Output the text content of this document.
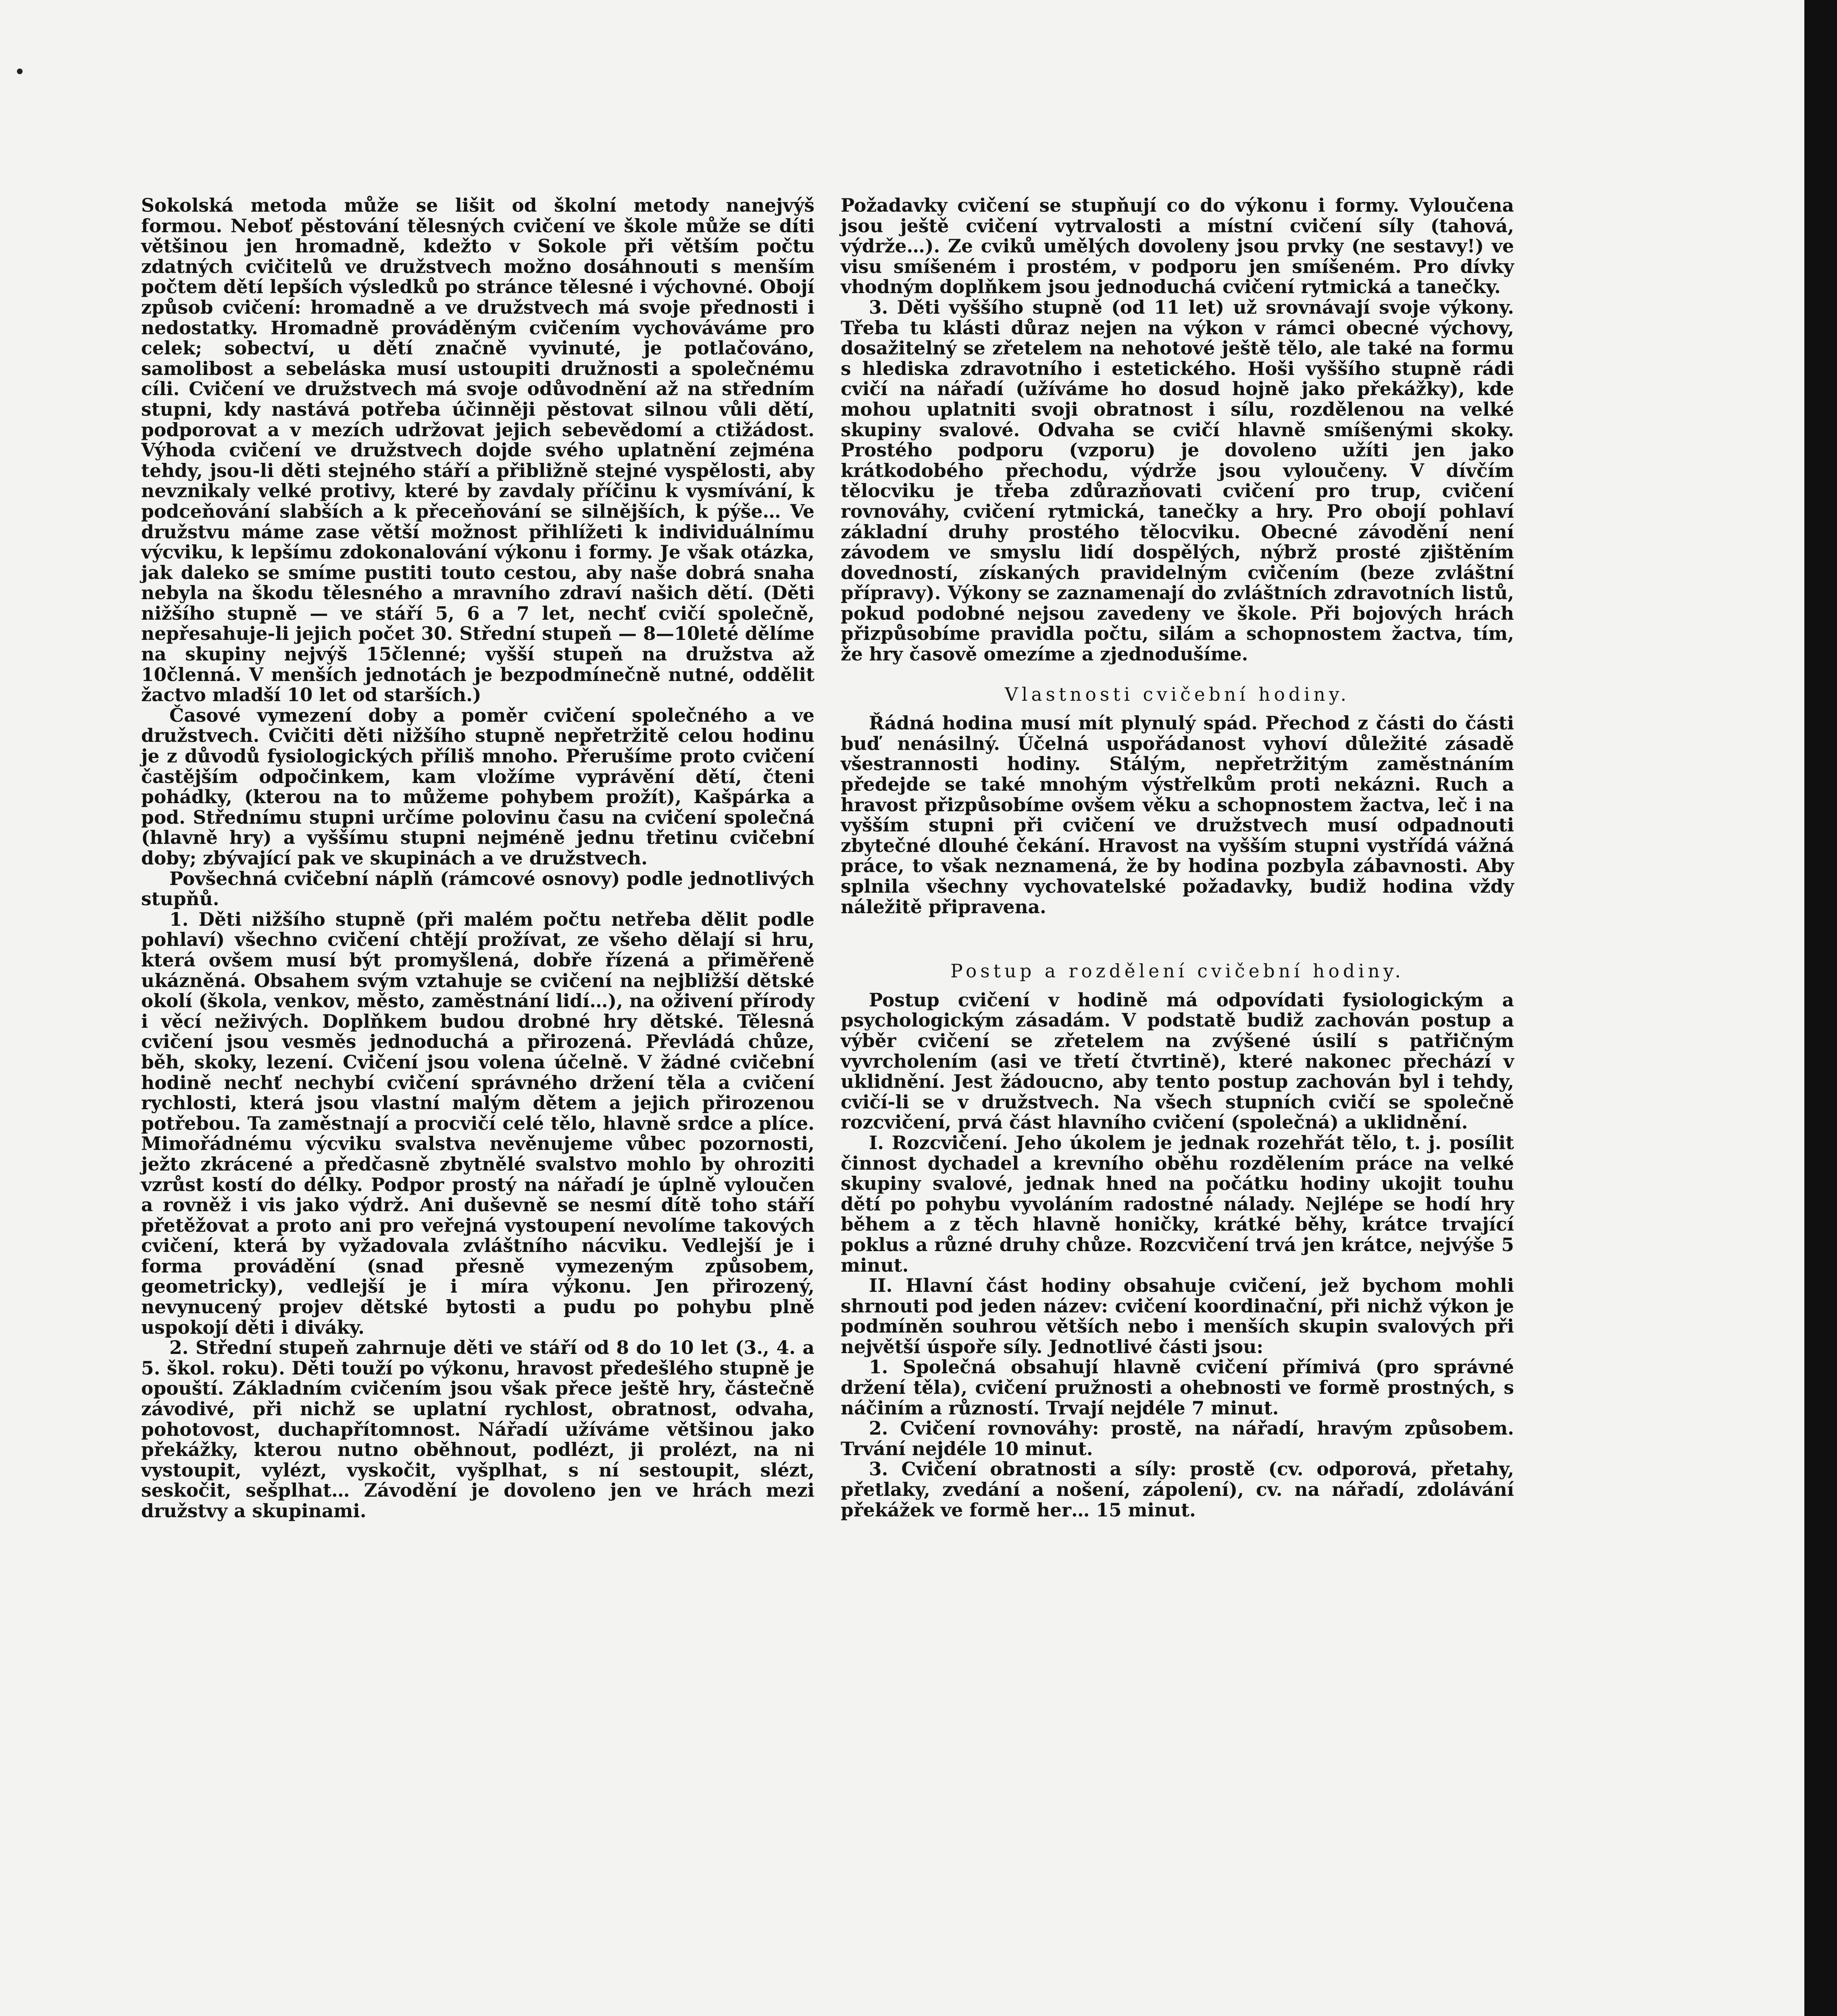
Sokolská metoda může se lišit od školní metody nanejvýš formou. Neboť pěstování tělesných cvičení ve škole může se díti většinou jen hromadně, kdežto v Sokole při větším počtu zdatných cvičitelů ve družstvech možno dosáhnouti s menším počtem dětí lepších výsledků po stránce tělesné i výchovné. Obojí způsob cvičení: hromadně a ve družstvech má svoje přednosti i nedostatky. Hromadně prováděným cvičením vychováváme pro celek; sobectví, u dětí značně vyvinuté, je potlačováno, samolibost a sebeláska musí ustoupiti družnosti a společnému cíli. Cvičení ve družstvech má svoje odůvodnění až na středním stupni, kdy nastává potřeba účinněji pěstovat silnou vůli dětí, podporovat a v mezích udržovat jejich sebevědomí a ctižádost. Výhoda cvičení ve družstvech dojde svého uplatnění zejména tehdy, jsou-li děti stejného stáří a přibližně stejné vyspělosti, aby nevznikaly velké protivy, které by zavdaly příčinu k vysmívání, k podceňování slabších a k přeceňování se silnějších, k pýše… Ve družstvu máme zase větší možnost přihlížeti k individuálnímu výcviku, k lepšímu zdokonalování výkonu i formy. Je však otázka, jak daleko se smíme pustiti touto cestou, aby naše dobrá snaha nebyla na škodu tělesného a mravního zdraví našich dětí. (Děti nižšího stupně — ve stáří 5, 6 a 7 let, nechť cvičí společně, nepřesahuje-li jejich počet 30. Střední stupeň — 8—10leté dělíme na skupiny nejvýš 15členné; vyšší stupeň na družstva až 10členná. V menších jednotách je bezpodmínečně nutné, oddělit žactvo mladší 10 let od starších.)

Časové vymezení doby a poměr cvičení společného a ve družstvech. Cvičiti děti nižšího stupně nepřetržitě celou hodinu je z důvodů fysiologických příliš mnoho. Přerušíme proto cvičení častějším odpočinkem, kam vložíme vyprávění dětí, čteni pohádky, (kterou na to můžeme pohybem prožít), Kašpárka a pod. Střednímu stupni určíme polovinu času na cvičení společná (hlavně hry) a vyššímu stupni nejméně jednu třetinu cvičební doby; zbývající pak ve skupinách a ve družstvech.

Povšechná cvičební náplň (rámcové osnovy) podle jednotlivých stupňů.

1. Děti nižšího stupně (při malém počtu netřeba dělit podle pohlaví) všechno cvičení chtějí prožívat, ze všeho dělají si hru, která ovšem musí být promyšlená, dobře řízená a přiměřeně ukázněná. Obsahem svým vztahuje se cvičení na nejbližší dětské okolí (škola, venkov, město, zaměstnání lidí…), na oživení přírody i věcí neživých. Doplňkem budou drobné hry dětské. Tělesná cvičení jsou vesměs jednoduchá a přirozená. Převládá chůze, běh, skoky, lezení. Cvičení jsou volena účelně. V žádné cvičební hodině nechť nechybí cvičení správného držení těla a cvičení rychlosti, která jsou vlastní malým dětem a jejich přirozenou potřebou. Ta zaměstnají a procvičí celé tělo, hlavně srdce a plíce. Mimořádnému výcviku svalstva nevěnujeme vůbec pozornosti, ježto zkrácené a předčasně zbytnělé svalstvo mohlo by ohroziti vzrůst kostí do délky. Podpor prostý na nářadí je úplně vyloučen a rovněž i vis jako výdrž. Ani duševně se nesmí dítě toho stáří přetěžovat a proto ani pro veřejná vystoupení nevolíme takových cvičení, která by vyžadovala zvláštního nácviku. Vedlejší je i forma provádění (snad přesně vymezeným způsobem, geometricky), vedlejší je i míra výkonu. Jen přirozený, nevynucený projev dětské bytosti a pudu po pohybu plně uspokojí děti i diváky.

2. Střední stupeň zahrnuje děti ve stáří od 8 do 10 let (3., 4. a 5. škol. roku). Děti touží po výkonu, hravost předešlého stupně je opouští. Základním cvičením jsou však přece ještě hry, částečně závodivé, při nichž se uplatní rychlost, obratnost, odvaha, pohotovost, duchapřítomnost. Nářadí užíváme většinou jako překážky, kterou nutno oběhnout, podlézt, ji prolézt, na ni vystoupit, vylézt, vyskočit, vyšplhat, s ní sestoupit, slézt, seskočit, sešplhat… Závodění je dovoleno jen ve hrách mezi družstvy a skupinami.

Požadavky cvičení se stupňují co do výkonu i formy. Vyloučena jsou ještě cvičení vytrvalosti a místní cvičení síly (tahová, výdrže…). Ze cviků umělých dovoleny jsou prvky (ne sestavy!) ve visu smíšeném i prostém, v podporu jen smíšeném. Pro dívky vhodným doplňkem jsou jednoduchá cvičení rytmická a tanečky.

3. Děti vyššího stupně (od 11 let) už srovnávají svoje výkony. Třeba tu klásti důraz nejen na výkon v rámci obecné výchovy, dosažitelný se zřetelem na nehotové ještě tělo, ale také na formu s hlediska zdravotního i estetického. Hoši vyššího stupně rádi cvičí na nářadí (užíváme ho dosud hojně jako překážky), kde mohou uplatniti svoji obratnost i sílu, rozdělenou na velké skupiny svalové. Odvaha se cvičí hlavně smíšenými skoky. Prostého podporu (vzporu) je dovoleno užíti jen jako krátkodobého přechodu, výdrže jsou vyloučeny. V dívčím tělocviku je třeba zdůrazňovati cvičení pro trup, cvičení rovnováhy, cvičení rytmická, tanečky a hry. Pro obojí pohlaví základní druhy prostého tělocviku. Obecné závodění není závodem ve smyslu lidí dospělých, nýbrž prosté zjištěním dovedností, získaných pravidelným cvičením (beze zvláštní přípravy). Výkony se zaznamenají do zvláštních zdravotních listů, pokud podobné nejsou zavedeny ve škole. Při bojových hrách přizpůsobíme pravidla počtu, silám a schopnostem žactva, tím, že hry časově omezíme a zjednodušíme.

Vlastnosti cvičební hodiny.

Řádná hodina musí mít plynulý spád. Přechod z části do části buď nenásilný. Účelná uspořádanost vyhoví důležité zásadě všestrannosti hodiny. Stálým, nepřetržitým zaměstnáním předejde se také mnohým výstřelkům proti nekázni. Ruch a hravost přizpůsobíme ovšem věku a schopnostem žactva, leč i na vyšším stupni při cvičení ve družstvech musí odpadnouti zbytečné dlouhé čekání. Hravost na vyšším stupni vystřídá vážná práce, to však neznamená, že by hodina pozbyla zábavnosti. Aby splnila všechny vychovatelské požadavky, budiž hodina vždy náležitě připravena.

Postup a rozdělení cvičební hodiny.

Postup cvičení v hodině má odpovídati fysiologickým a psychologickým zásadám. V podstatě budiž zachován postup a výběr cvičení se zřetelem na zvýšené úsilí s patřičným vyvrcholením (asi ve třetí čtvrtině), které nakonec přechází v uklidnění. Jest žádoucno, aby tento postup zachován byl i tehdy, cvičí-li se v družstvech. Na všech stupních cvičí se společně rozcvičení, prvá část hlavního cvičení (společná) a uklidnění.

I. Rozcvičení. Jeho úkolem je jednak rozehřát tělo, t. j. posílit činnost dychadel a krevního oběhu rozdělením práce na velké skupiny svalové, jednak hned na počátku hodiny ukojit touhu dětí po pohybu vyvoláním radostné nálady. Nejlépe se hodí hry během a z těch hlavně honičky, krátké běhy, krátce trvající poklus a různé druhy chůze. Rozcvičení trvá jen krátce, nejvýše 5 minut.

II. Hlavní část hodiny obsahuje cvičení, jež bychom mohli shrnouti pod jeden název: cvičení koordinační, při nichž výkon je podmíněn souhrou větších nebo i menších skupin svalových při největší úspoře síly. Jednotlivé části jsou:

1. Společná obsahují hlavně cvičení přímivá (pro správné držení těla), cvičení pružnosti a ohebnosti ve formě prostných, s náčiním a růzností. Trvají nejdéle 7 minut.

2. Cvičení rovnováhy: prostě, na nářadí, hravým způsobem. Trvání nejdéle 10 minut.

3. Cvičení obratnosti a síly: prostě (cv. odporová, přetahy, přetlaky, zvedání a nošení, zápolení), cv. na nářadí, zdolávání překážek ve formě her… 15 minut.
